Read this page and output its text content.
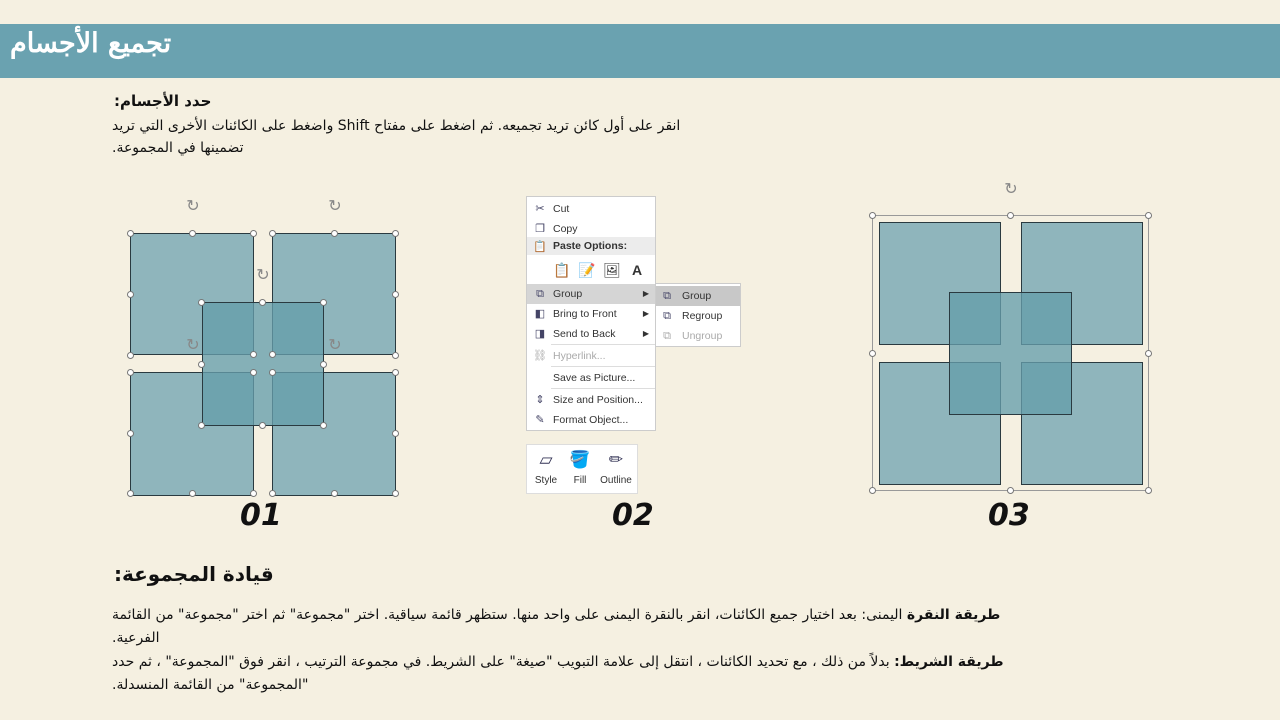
تجميع الأجسام
حدد الأجسام:
انقر على أول كائن تريد تجميعه. ثم اضغط على مفتاح Shift واضغط على الكائنات الأخرى التي تريد
تضمينها في المجموعة.
↻	↻
↻
↻	↻
01
✂ Cut
❐ Copy
📋 Paste Options:
📋 📝 🖼 A
⧉ Group	▶
◧ Bring to Front	▶
◨ Send to Back	▶
⛓ Hyperlink...
Save as Picture...
⇕ Size and Position...
✎ Format Object...
⧉ Group
⧉ Regroup
⧉ Ungroup
▱
Style
🪣
Fill
✏
Outline
02
↻
03
قيادة المجموعة:
طريقة النقرة اليمنى: بعد اختيار جميع الكائنات، انقر بالنقرة اليمنى على واحد منها. ستظهر قائمة سياقية. اختر "مجموعة" ثم اختر "مجموعة" من القائمة
الفرعية.
طريقة الشريط: بدلاً من ذلك ، مع تحديد الكائنات ، انتقل إلى علامة التبويب "صيغة" على الشريط. في مجموعة الترتيب ، انقر فوق "المجموعة" ، ثم حدد
"المجموعة" من القائمة المنسدلة.
